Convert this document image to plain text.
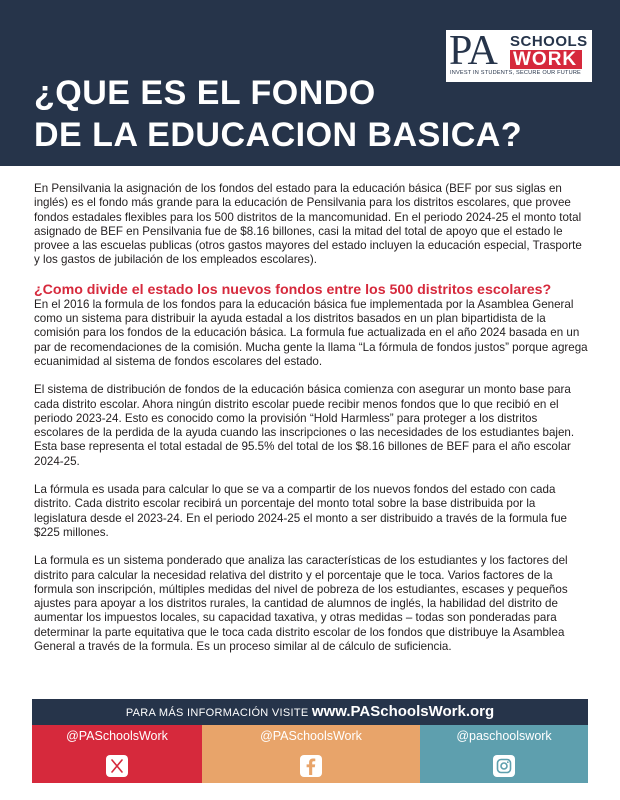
¿QUE ES EL FONDO
DE LA EDUCACION BASICA?
PA SCHOOLS
WORK
INVEST IN STUDENTS, SECURE OUR FUTURE

En Pensilvania la asignación de los fondos del estado para la educación básica (BEF por sus siglas en inglés) es el fondo más grande para la educación de Pensilvania para los distritos escolares, que provee fondos estadales flexibles para los 500 distritos de la mancomunidad. En el periodo 2024-25 el monto total asignado de BEF en Pensilvania fue de $8.16 billones, casi la mitad del total de apoyo que el estado le provee a las escuelas publicas (otros gastos mayores del estado incluyen la educación especial, Trasporte y los gastos de jubilación de los empleados escolares).

¿Como divide el estado los nuevos fondos entre los 500 distritos escolares?

En el 2016 la formula de los fondos para la educación básica fue implementada por la Asamblea General como un sistema para distribuir la ayuda estadal a los distritos basados en un plan bipartidista de la comisión para los fondos de la educación básica. La formula fue actualizada en el año 2024 basada en un par de recomendaciones de la comisión. Mucha gente la llama “La fórmula de fondos justos” porque agrega ecuanimidad al sistema de fondos escolares del estado.

El sistema de distribución de fondos de la educación básica comienza con asegurar un monto base para cada distrito escolar. Ahora ningún distrito escolar puede recibir menos fondos que lo que recibió en el periodo 2023-24. Esto es conocido como la provisión “Hold Harmless” para proteger a los distritos escolares de la perdida de la ayuda cuando las inscripciones o las necesidades de los estudiantes bajen. Esta base representa el total estadal de 95.5% del total de los $8.16 billones de BEF para el año escolar 2024-25.

La fórmula es usada para calcular lo que se va a compartir de los nuevos fondos del estado con cada distrito. Cada distrito escolar recibirá un porcentaje del monto total sobre la base distribuida por la legislatura desde el 2023-24. En el periodo 2024-25 el monto a ser distribuido a través de la formula fue $225 millones.

La formula es un sistema ponderado que analiza las características de los estudiantes y los factores del distrito para calcular la necesidad relativa del distrito y el porcentaje que le toca. Varios factores de la formula son inscripción, múltiples medidas del nivel de pobreza de los estudiantes, escases y pequeños ajustes para apoyar a los distritos rurales, la cantidad de alumnos de inglés, la habilidad del distrito de aumentar los impuestos locales, su capacidad taxativa, y otras medidas – todas son ponderadas para determinar la parte equitativa que le toca cada distrito escolar de los fondos que distribuye la Asamblea General a través de la formula. Es un proceso similar al de cálculo de suficiencia.

PARA MÁS INFORMACIÓN VISITE www.PASchoolsWork.org
@PASchoolsWork	@PASchoolsWork	@paschoolswork
